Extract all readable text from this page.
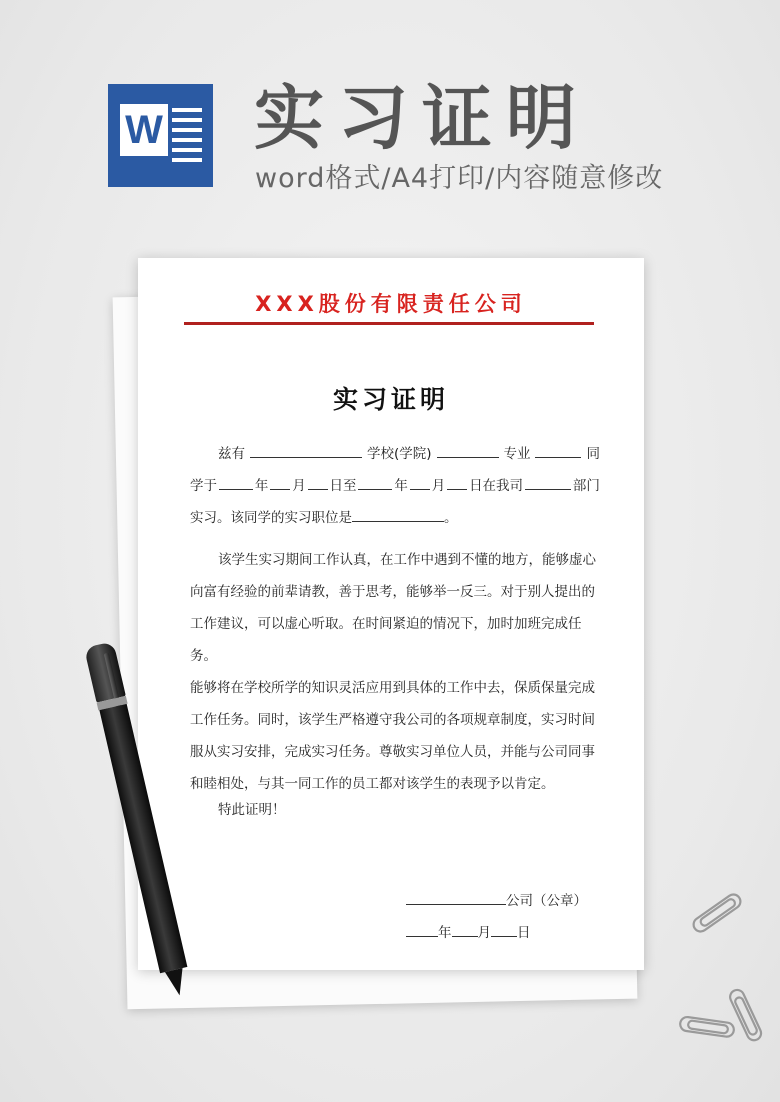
W 实习证明
word格式/A4打印/内容随意修改
XXX股份有限责任公司
实习证明
兹有	学校(学院)	专业	同
学于	年 月 日至	年 月 日在我司	部门
实习。该同学的实习职位是	。
该学生实习期间工作认真，在工作中遇到不懂的地方，能够虚心
向富有经验的前辈请教，善于思考，能够举一反三。对于别人提出的
工作建议，可以虚心听取。在时间紧迫的情况下，加时加班完成任务。
能够将在学校所学的知识灵活应用到具体的工作中去，保质保量完成
工作任务。同时，该学生严格遵守我公司的各项规章制度，实习时间
服从实习安排，完成实习任务。尊敬实习单位人员，并能与公司同事
和睦相处，与其一同工作的员工都对该学生的表现予以肯定。
特此证明！
公司（公章）
年 月 日
